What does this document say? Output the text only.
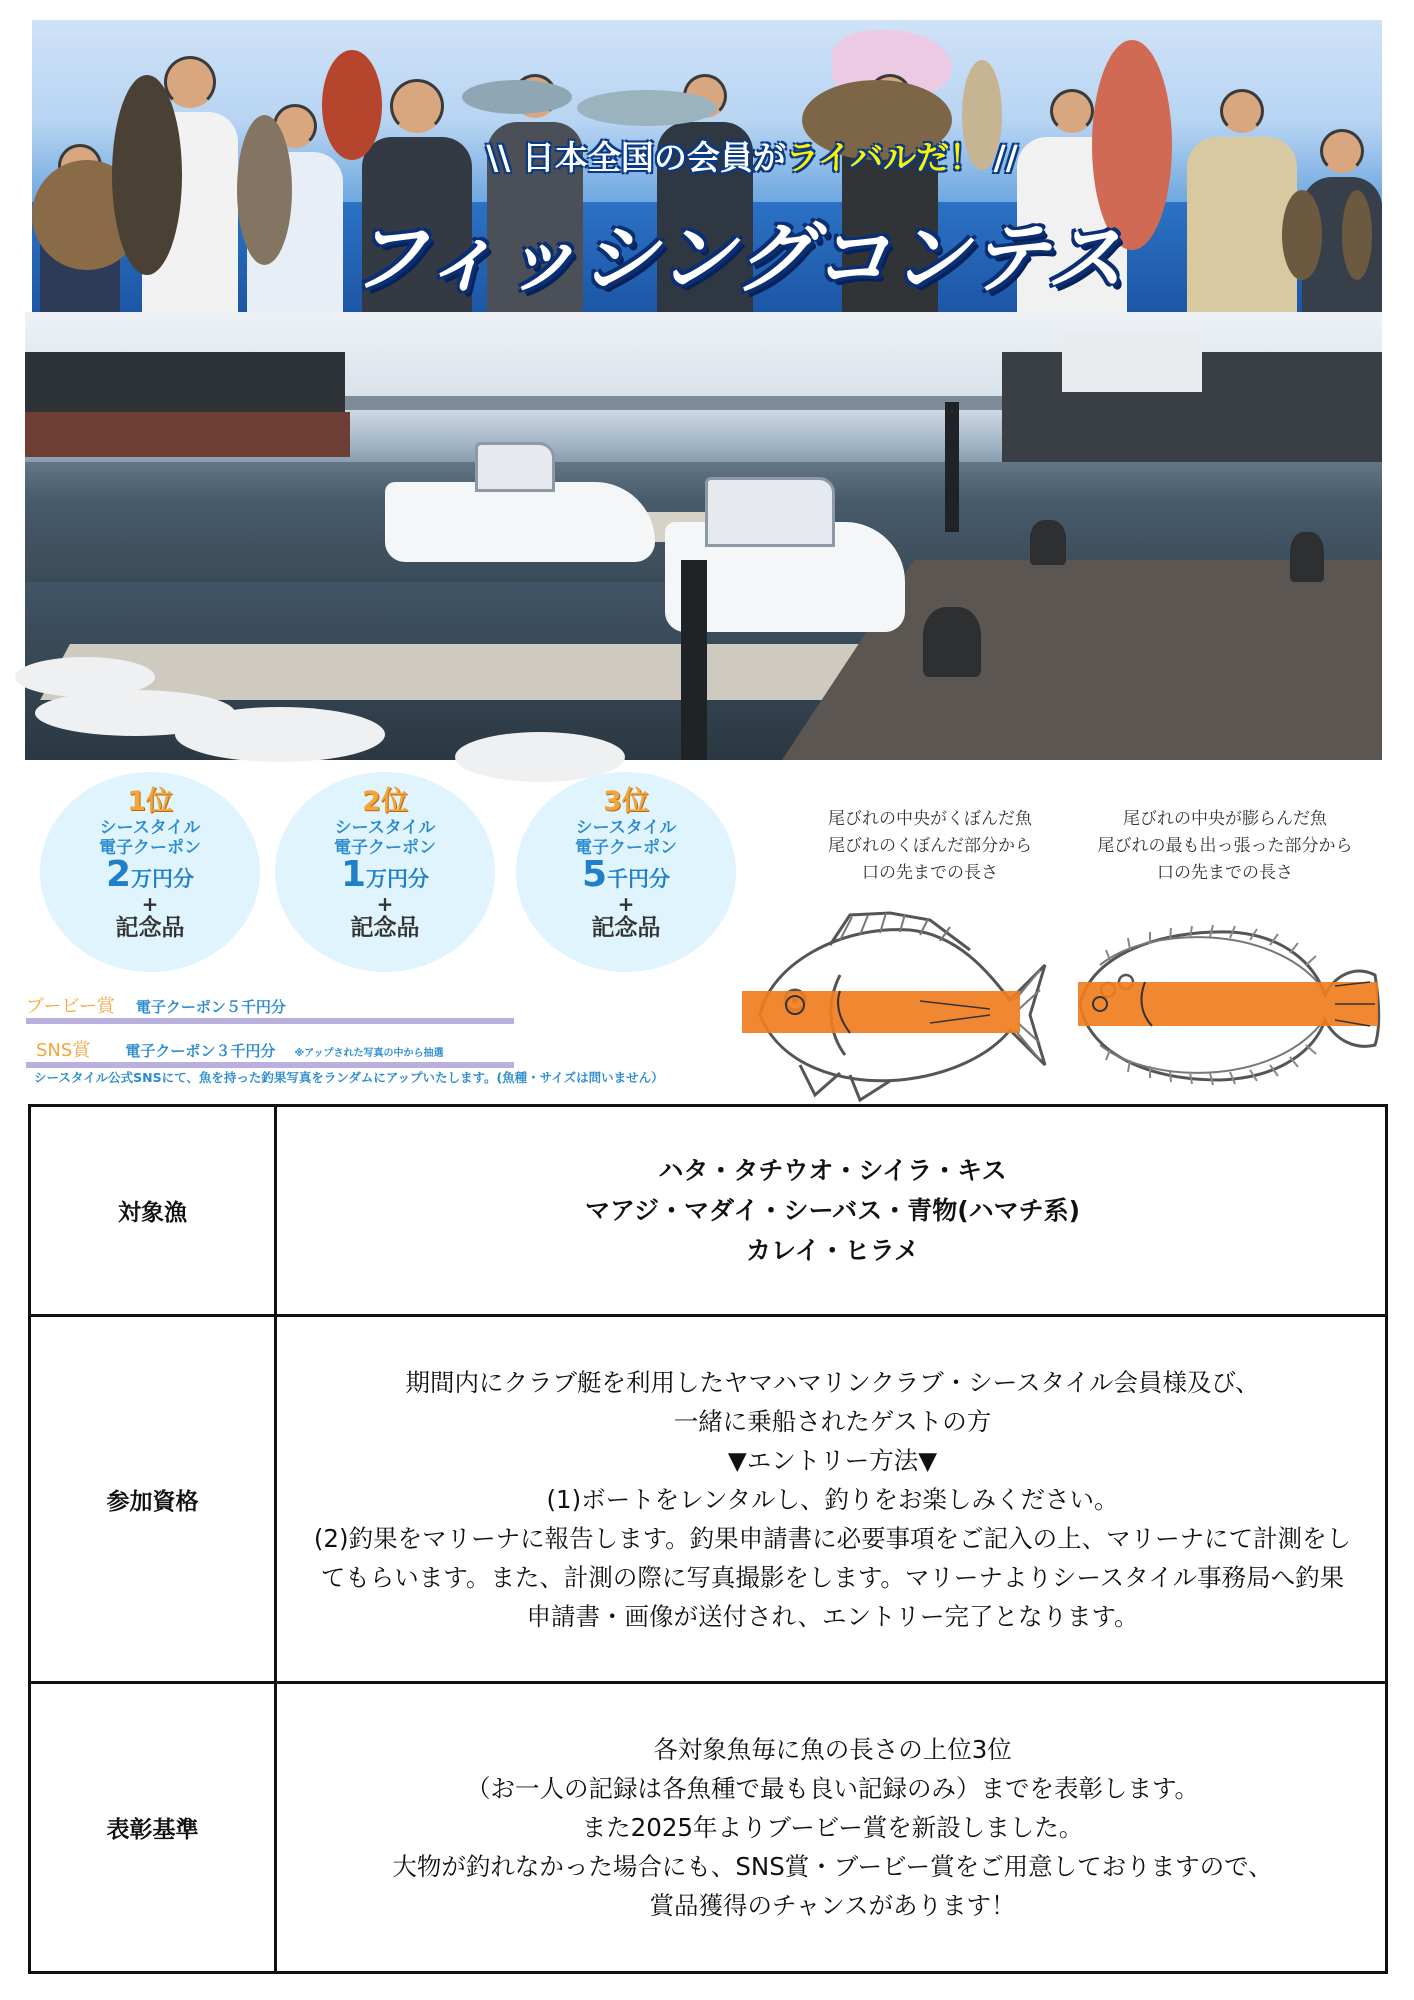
\\ 日本全国の会員がライバルだ！ //
フィッシングコンテス
1位
シースタイル
電子クーポン
2万円分
+
記念品
2位
シースタイル
電子クーポン
1万円分
+
記念品
3位
シースタイル
電子クーポン
5千円分
+
記念品
ブービー賞 電子クーポン５千円分
SNS賞 電子クーポン３千円分 ※アップされた写真の中から抽選
シースタイル公式SNSにて、魚を持った釣果写真をランダムにアップいたします。(魚種・サイズは問いません）
尾びれの中央がくぼんだ魚
尾びれのくぼんだ部分から
口の先までの長さ
尾びれの中央が膨らんだ魚
尾びれの最も出っ張った部分から
口の先までの長さ
対象漁
ハタ・タチウオ・シイラ・キス
マアジ・マダイ・シーバス・青物(ハマチ系)
カレイ・ヒラメ
参加資格
期間内にクラブ艇を利用したヤマハマリンクラブ・シースタイル会員様及び、
一緒に乗船されたゲストの方
▼エントリー方法▼
(1)ボートをレンタルし、釣りをお楽しみください。
(2)釣果をマリーナに報告します。釣果申請書に必要事項をご記入の上、マリーナにて計測をしてもらいます。また、計測の際に写真撮影をします。マリーナよりシースタイル事務局へ釣果申請書・画像が送付され、エントリー完了となります。
表彰基準
各対象魚毎に魚の長さの上位3位
（お一人の記録は各魚種で最も良い記録のみ）までを表彰します。
また2025年よりブービー賞を新設しました。
大物が釣れなかった場合にも、SNS賞・ブービー賞をご用意しておりますので、
賞品獲得のチャンスがあります！
